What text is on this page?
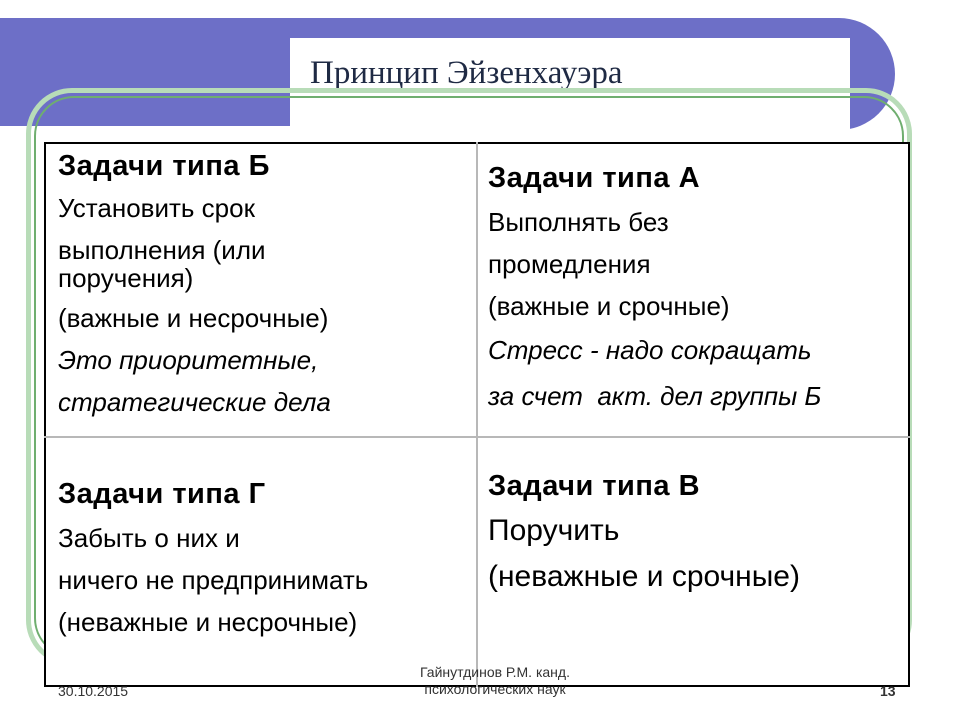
Принцип Эйзенхауэра
Задачи типа Б
Установить срок
выполнения (или
поручения)
(важные и несрочные)
Это приоритетные,
стратегические дела
Задачи типа А
Выполнять без
промедления
(важные и срочные)
Стресс - надо сокращать
за счет  акт. дел группы Б
Задачи типа Г
Забыть о них и
ничего не предпринимать
(неважные и несрочные)
Задачи типа В
Поручить
(неважные и срочные)
30.10.2015
Гайнутдинов Р.М. канд.
психологических наук	13
